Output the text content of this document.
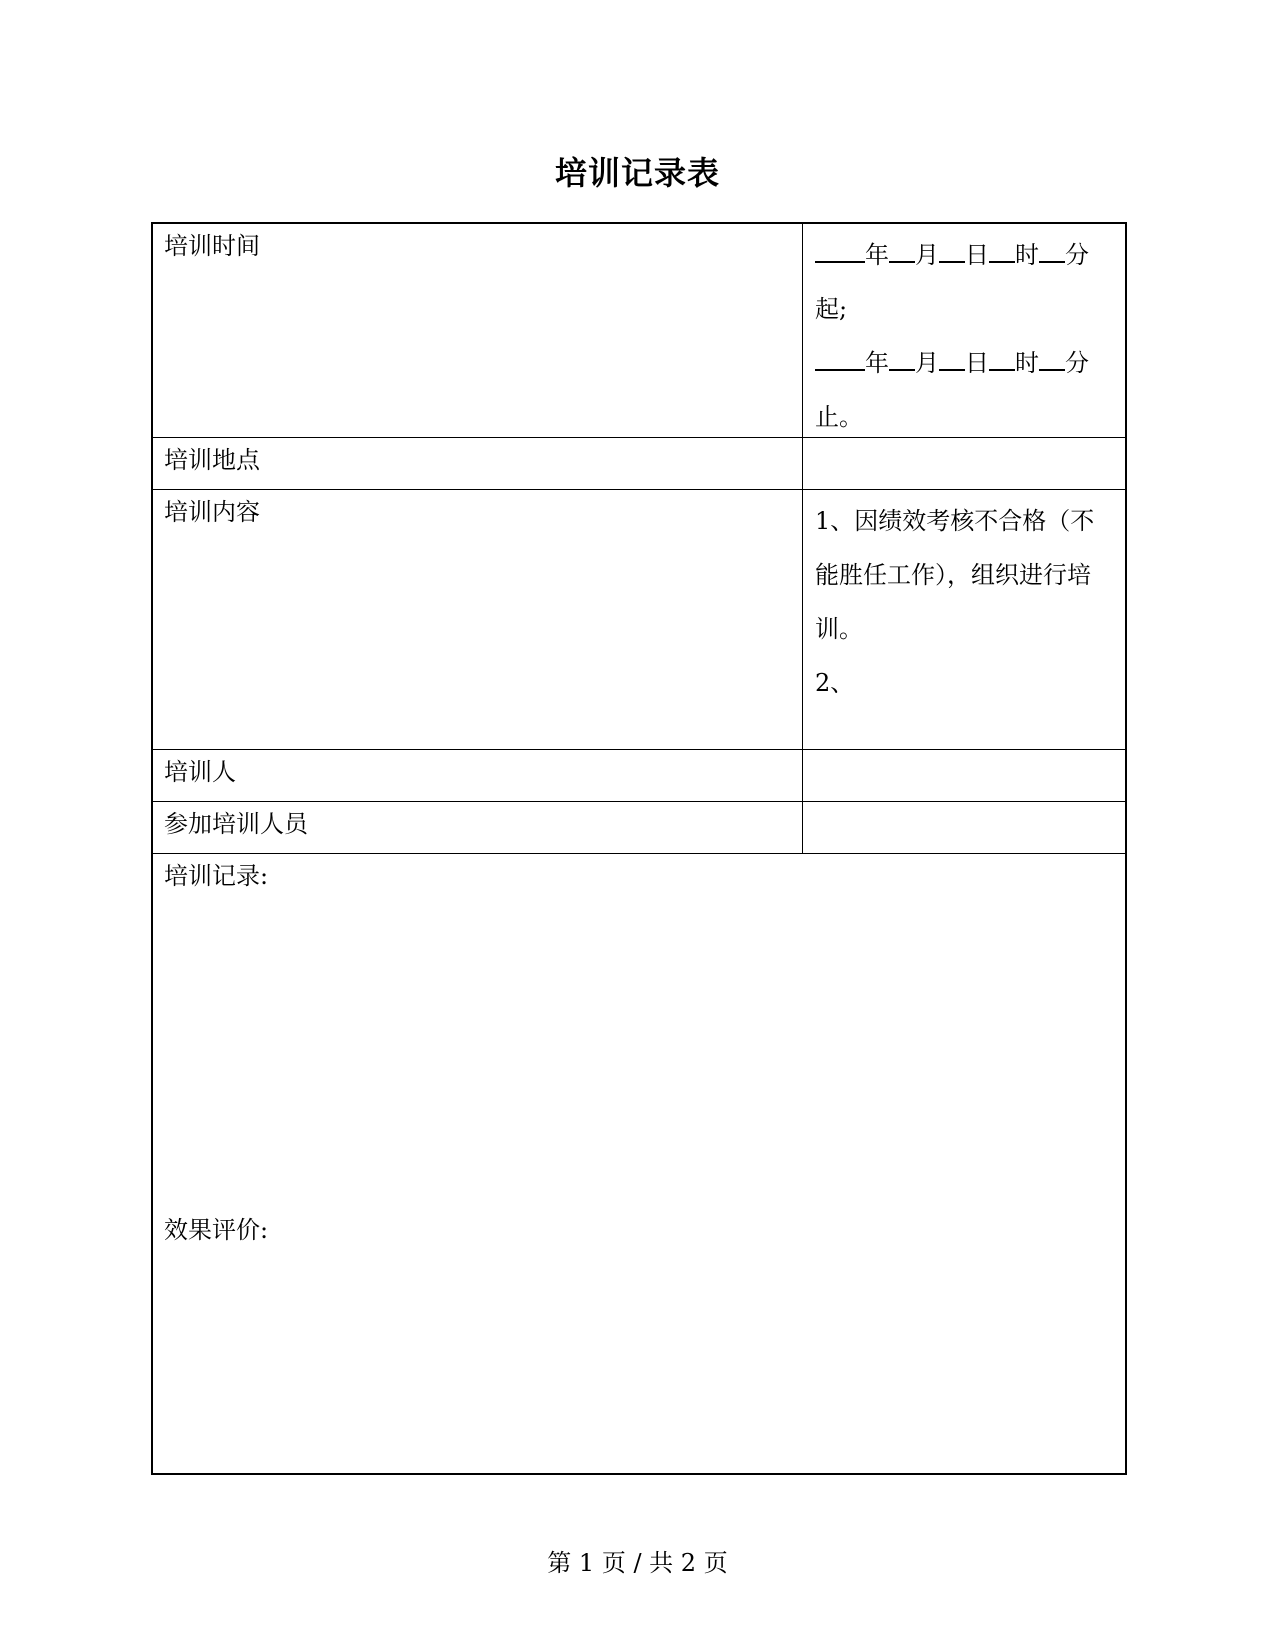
培训记录表
培训时间	年 月 日 时 分
起;
年 月 日 时 分
止。
培训地点
培训内容	1、因绩效考核不合格（不
能胜任工作），组织进行培
训。
2、
培训人
参加培训人员
培训记录:
效果评价:
第 1 页 / 共 2 页
